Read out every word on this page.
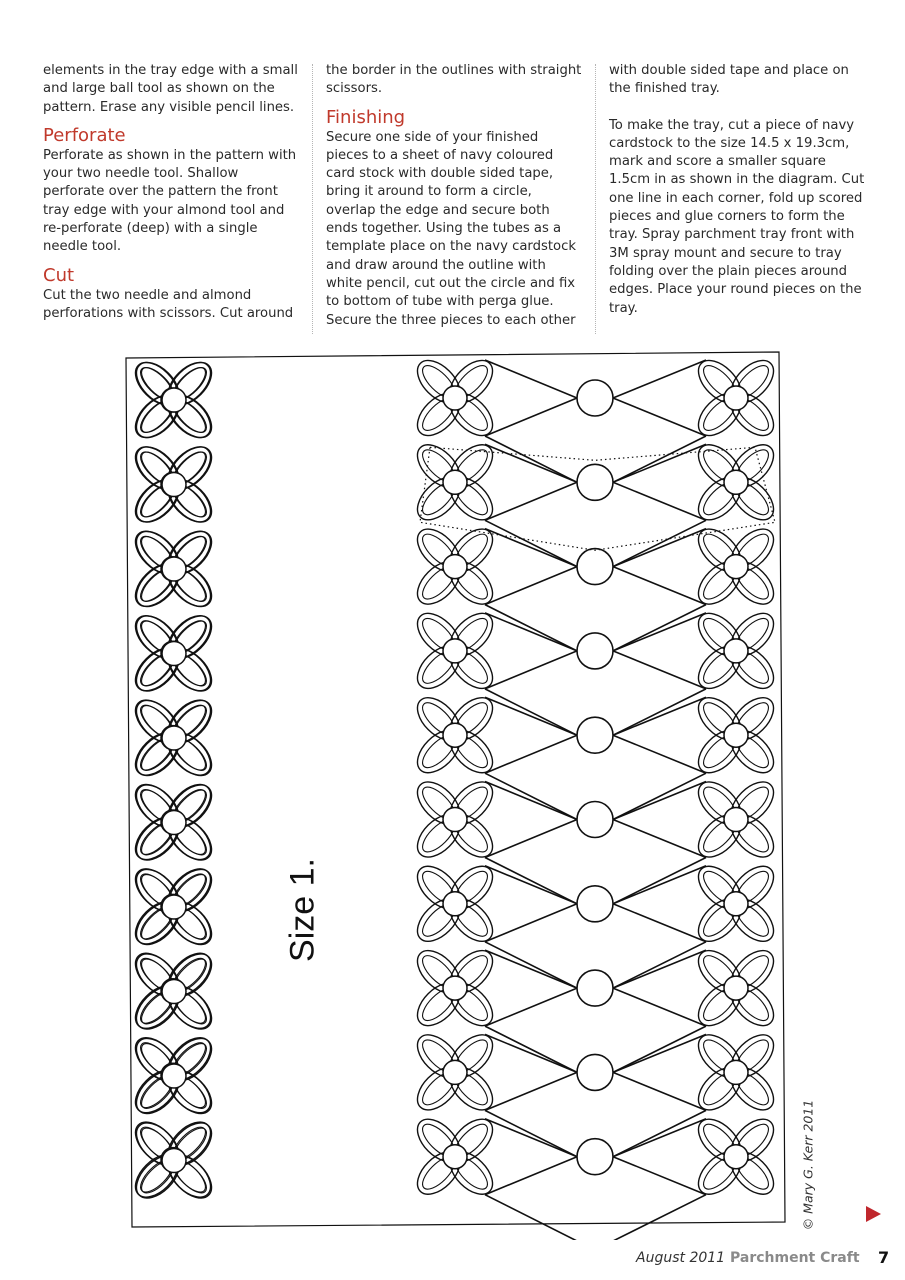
elements in the tray edge with a small and large ball tool as shown on the pattern. Erase any visible pencil lines.

Perforate

Perforate as shown in the pattern with your two needle tool. Shallow perforate over the pattern the front tray edge with your almond tool and re-perforate (deep) with a single needle tool.

Cut

Cut the two needle and almond perforations with scissors. Cut around

the border in the outlines with straight scissors.

Finishing

Secure one side of your finished pieces to a sheet of navy coloured card stock with double sided tape, bring it around to form a circle, overlap the edge and secure both ends together. Using the tubes as a template place on the navy cardstock and draw around the outline with white pencil, cut out the circle and fix to bottom of tube with perga glue. Secure the three pieces to each other

with double sided tape and place on the finished tray.

To make the tray, cut a piece of navy cardstock to the size 14.5 x 19.3cm, mark and score a smaller square 1.5cm in as shown in the diagram. Cut one line in each corner, fold up scored pieces and glue corners to form the tray. Spray parchment tray front with 3M spray mount and secure to tray folding over the plain pieces around edges. Place your round pieces on the tray.

Size 1.
© Mary G. Kerr 2011
August 2011 Parchment Craft 7
